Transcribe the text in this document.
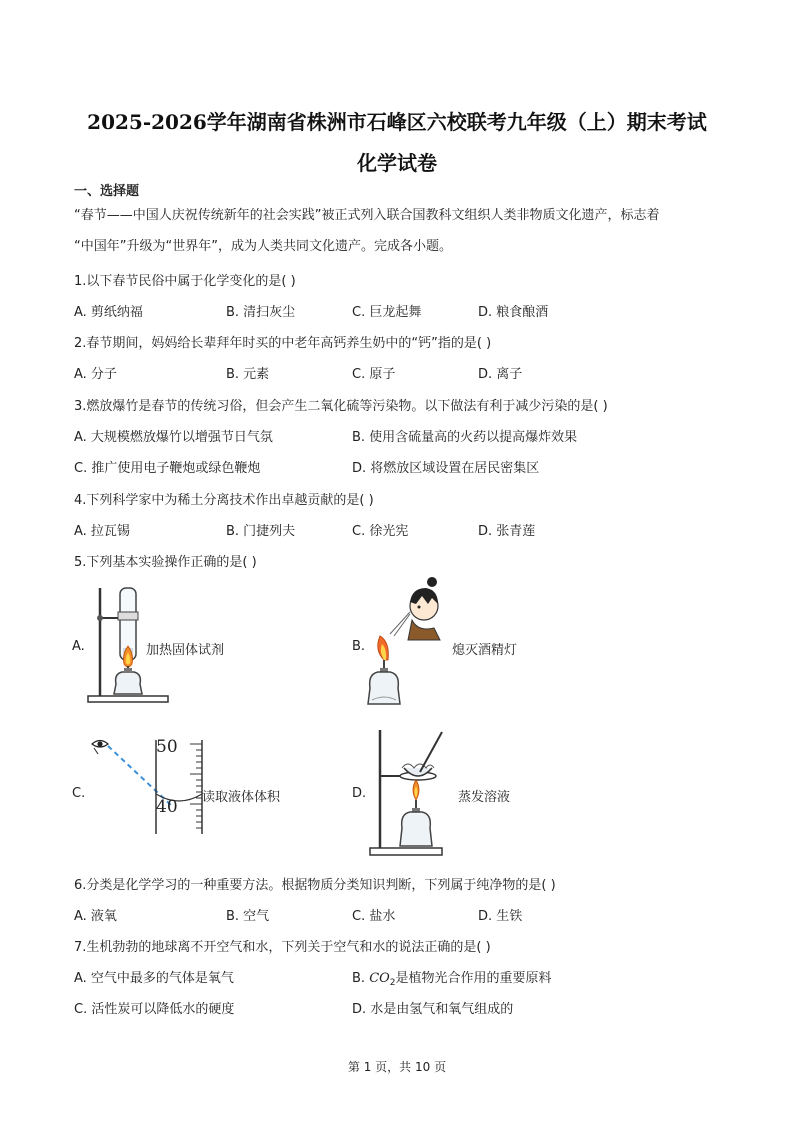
2025-2026学年湖南省株洲市石峰区六校联考九年级（上）期末考试
化学试卷
一、选择题
“春节——中国人庆祝传统新年的社会实践”被正式列入联合国教科文组织人类非物质文化遗产，标志着
“中国年”升级为“世界年”，成为人类共同文化遗产。完成各小题。
1.以下春节民俗中属于化学变化的是( )
A. 剪纸纳福	B. 清扫灰尘	C. 巨龙起舞	D. 粮食酿酒
2.春节期间，妈妈给长辈拜年时买的中老年高钙养生奶中的“钙”指的是( )
A. 分子	B. 元素	C. 原子	D. 离子
3.燃放爆竹是春节的传统习俗，但会产生二氧化硫等污染物。以下做法有利于减少污染的是( )
A. 大规模燃放爆竹以增强节日气氛	B. 使用含硫量高的火药以提高爆炸效果
C. 推广使用电子鞭炮或绿色鞭炮	D. 将燃放区域设置在居民密集区
4.下列科学家中为稀土分离技术作出卓越贡献的是( )
A. 拉瓦锡	B. 门捷列夫	C. 徐光宪	D. 张青莲
5.下列基本实验操作正确的是( )
A.	加热固体试剂	B.	熄灭酒精灯
C.
50
40 读取液体体积	D.	蒸发溶液
6.分类是化学学习的一种重要方法。根据物质分类知识判断，下列属于纯净物的是( )
A. 液氧	B. 空气	C. 盐水	D. 生铁
7.生机勃勃的地球离不开空气和水，下列关于空气和水的说法正确的是( )
A. 空气中最多的气体是氧气	B. $CO_2$是植物光合作用的重要原料
C. 活性炭可以降低水的硬度	D. 水是由氢气和氧气组成的
第 1 页，共 10 页
